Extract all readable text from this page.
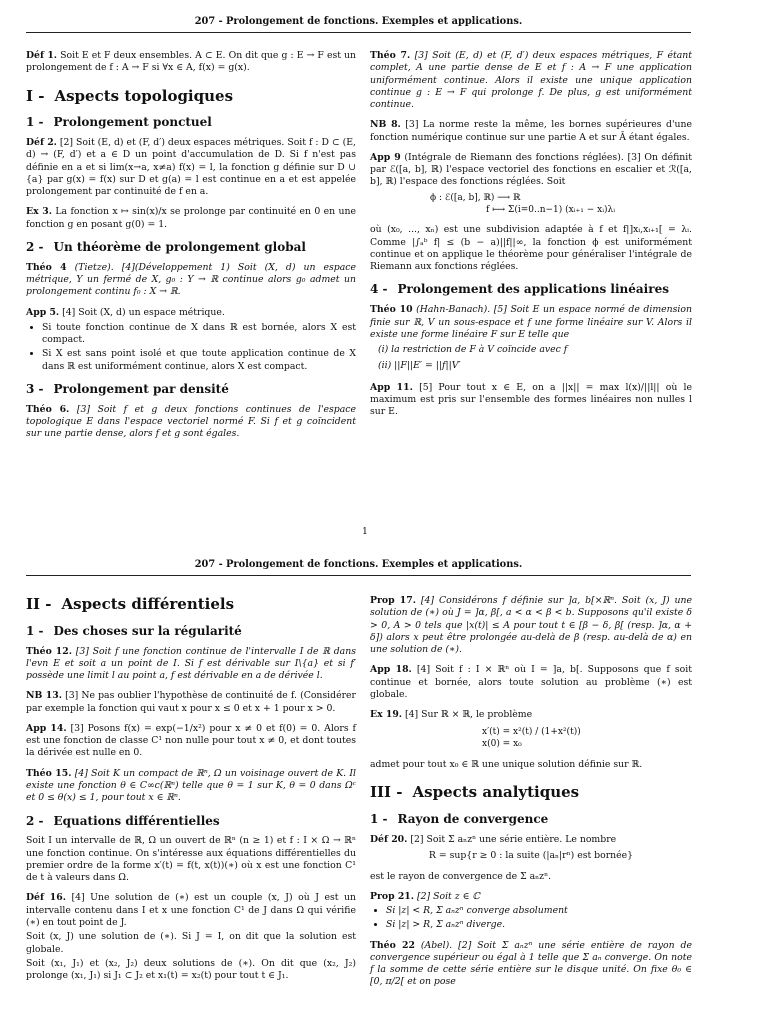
207 - Prolongement de fonctions. Exemples et applications.

Déf 1. Soit E et F deux ensembles. A ⊂ E. On dit que g : E → F est un prolongement de f : A → F si ∀x ∈ A, f(x) = g(x).

I - Aspects topologiques
1 - Prolongement ponctuel

Déf 2. [2] Soit (E, d) et (F, d′) deux espaces métriques. Soit f : D ⊂ (E, d) → (F, d′) et a ∈ D un point d'accumulation de D. Si f n'est pas définie en a et si lim(x→a, x≠a) f(x) = l, la fonction g définie sur D ∪ {a} par g(x) = f(x) sur D et g(a) = l est continue en a et est appelée prolongement par continuité de f en a.

Ex 3. La fonction x ↦ sin(x)/x se prolonge par continuité en 0 en une fonction g en posant g(0) = 1.

2 - Un théorème de prolongement global

Théo 4 (Tietze). [4](Développement 1) Soit (X, d) un espace métrique, Y un fermé de X, g₀ : Y → ℝ continue alors g₀ admet un prolongement continu f₀ : X → ℝ.

App 5. [4] Soit (X, d) un espace métrique.

• Si toute fonction continue de X dans ℝ est bornée, alors X est compact.
• Si X est sans point isolé et que toute application continue de X dans ℝ est uniformément continue, alors X est compact.
3 - Prolongement par densité

Théo 6. [3] Soit f et g deux fonctions continues de l'espace topologique E dans l'espace vectoriel normé F. Si f et g coïncident sur une partie dense, alors f et g sont égales.

Théo 7. [3] Soit (E, d) et (F, d′) deux espaces métriques, F étant complet, A une partie dense de E et f : A → F une application uniformément continue. Alors il existe une unique application continue g : E → F qui prolonge f. De plus, g est uniformément continue.

NB 8. [3] La norme reste la même, les bornes supérieures d'une fonction numérique continue sur une partie A et sur Ā étant égales.

App 9 (Intégrale de Riemann des fonctions réglées). [3] On définit par ℰ([a, b], ℝ) l'espace vectoriel des fonctions en escalier et ℛ([a, b], ℝ) l'espace des fonctions réglées. Soit

ϕ : ℰ([a, b], ℝ) ⟶ ℝ
f ⟼ Σ(i=0..n−1) (xᵢ₊₁ − xᵢ)λᵢ

où (x₀, ..., xₙ) est une subdivision adaptée à f et f|]xᵢ,xᵢ₊₁[ = λᵢ. Comme |∫ₐᵇ f| ≤ (b − a)||f||∞, la fonction ϕ est uniformément continue et on applique le théorème pour généraliser l'intégrale de Riemann aux fonctions réglées.

4 - Prolongement des applications linéaires

Théo 10 (Hahn-Banach). [5] Soit E un espace normé de dimension finie sur ℝ, V un sous-espace et f une forme linéaire sur V. Alors il existe une forme linéaire F sur E telle que

(i) la restriction de F à V coïncide avec f
(ii) ||F||E′ = ||f||V′

App 11. [5] Pour tout x ∈ E, on a ||x|| = max l(x)/||l|| où le maximum est pris sur l'ensemble des formes linéaires non nulles l sur E.

1
207 - Prolongement de fonctions. Exemples et applications.
II - Aspects différentiels
1 - Des choses sur la régularité

Théo 12. [3] Soit f une fonction continue de l'intervalle I de ℝ dans l'evn E et soit a un point de I. Si f est dérivable sur I\{a} et si f′ possède une limit l au point a, f est dérivable en a de dérivée l.

NB 13. [3] Ne pas oublier l'hypothèse de continuité de f. (Considérer par exemple la fonction qui vaut x pour x ≤ 0 et x + 1 pour x > 0.

App 14. [3] Posons f(x) = exp(−1/x²) pour x ≠ 0 et f(0) = 0. Alors f est une fonction de classe C¹ non nulle pour tout x ≠ 0, et dont toutes la dérivée est nulle en 0.

Théo 15. [4] Soit K un compact de ℝⁿ, Ω un voisinage ouvert de K. Il existe une fonction θ ∈ C∞c(ℝⁿ) telle que θ = 1 sur K, θ = 0 dans Ωᶜ et 0 ≤ θ(x) ≤ 1, pour tout x ∈ ℝⁿ.

2 - Equations différentielles

Soit I un intervalle de ℝ, Ω un ouvert de ℝⁿ (n ≥ 1) et f : I × Ω → ℝⁿ une fonction continue. On s'intéresse aux équations différentielles du premier ordre de la forme x′(t) = f(t, x(t))(∗) où x est une fonction C¹ de t à valeurs dans Ω.

Déf 16. [4] Une solution de (∗) est un couple (x, J) où J est un intervalle contenu dans I et x une fonction C¹ de J dans Ω qui vérifie (∗) en tout point de J.

Soit (x, J) une solution de (∗). Si J = I, on dit que la solution est globale.

Soit (x₁, J₁) et (x₂, J₂) deux solutions de (∗). On dit que (x₂, J₂) prolonge (x₁, J₁) si J₁ ⊂ J₂ et x₁(t) = x₂(t) pour tout t ∈ J₁.

Prop 17. [4] Considérons f définie sur ]a, b[×ℝⁿ. Soit (x, J) une solution de (∗) où J = ]α, β[, a < α < β < b. Supposons qu'il existe δ > 0, A > 0 tels que |x(t)| ≤ A pour tout t ∈ [β − δ, β[ (resp. ]α, α + δ]) alors x peut être prolongée au-delà de β (resp. au-delà de α) en une solution de (∗).

App 18. [4] Soit f : I × ℝⁿ où I = ]a, b[. Supposons que f soit continue et bornée, alors toute solution au problème (∗) est globale.

Ex 19. [4] Sur ℝ × ℝ, le problème

x′(t) = x²(t) / (1+x²(t))
x(0) = x₀

admet pour tout x₀ ∈ ℝ une unique solution définie sur ℝ.

III - Aspects analytiques
1 - Rayon de convergence

Déf 20. [2] Soit Σ aₙzⁿ une série entière. Le nombre

R = sup{r ≥ 0 : la suite (|aₙ|rⁿ) est bornée}

est le rayon de convergence de Σ aₙzⁿ.

Prop 21. [2] Soit z ∈ ℂ

• Si |z| < R, Σ aₙzⁿ converge absolument
• Si |z| > R, Σ aₙzⁿ diverge.

Théo 22 (Abel). [2] Soit Σ aₙzⁿ une série entière de rayon de convergence supérieur ou égal à 1 telle que Σ aₙ converge. On note f la somme de cette série entière sur le disque unité. On fixe θ₀ ∈ [0, π/2[ et on pose
